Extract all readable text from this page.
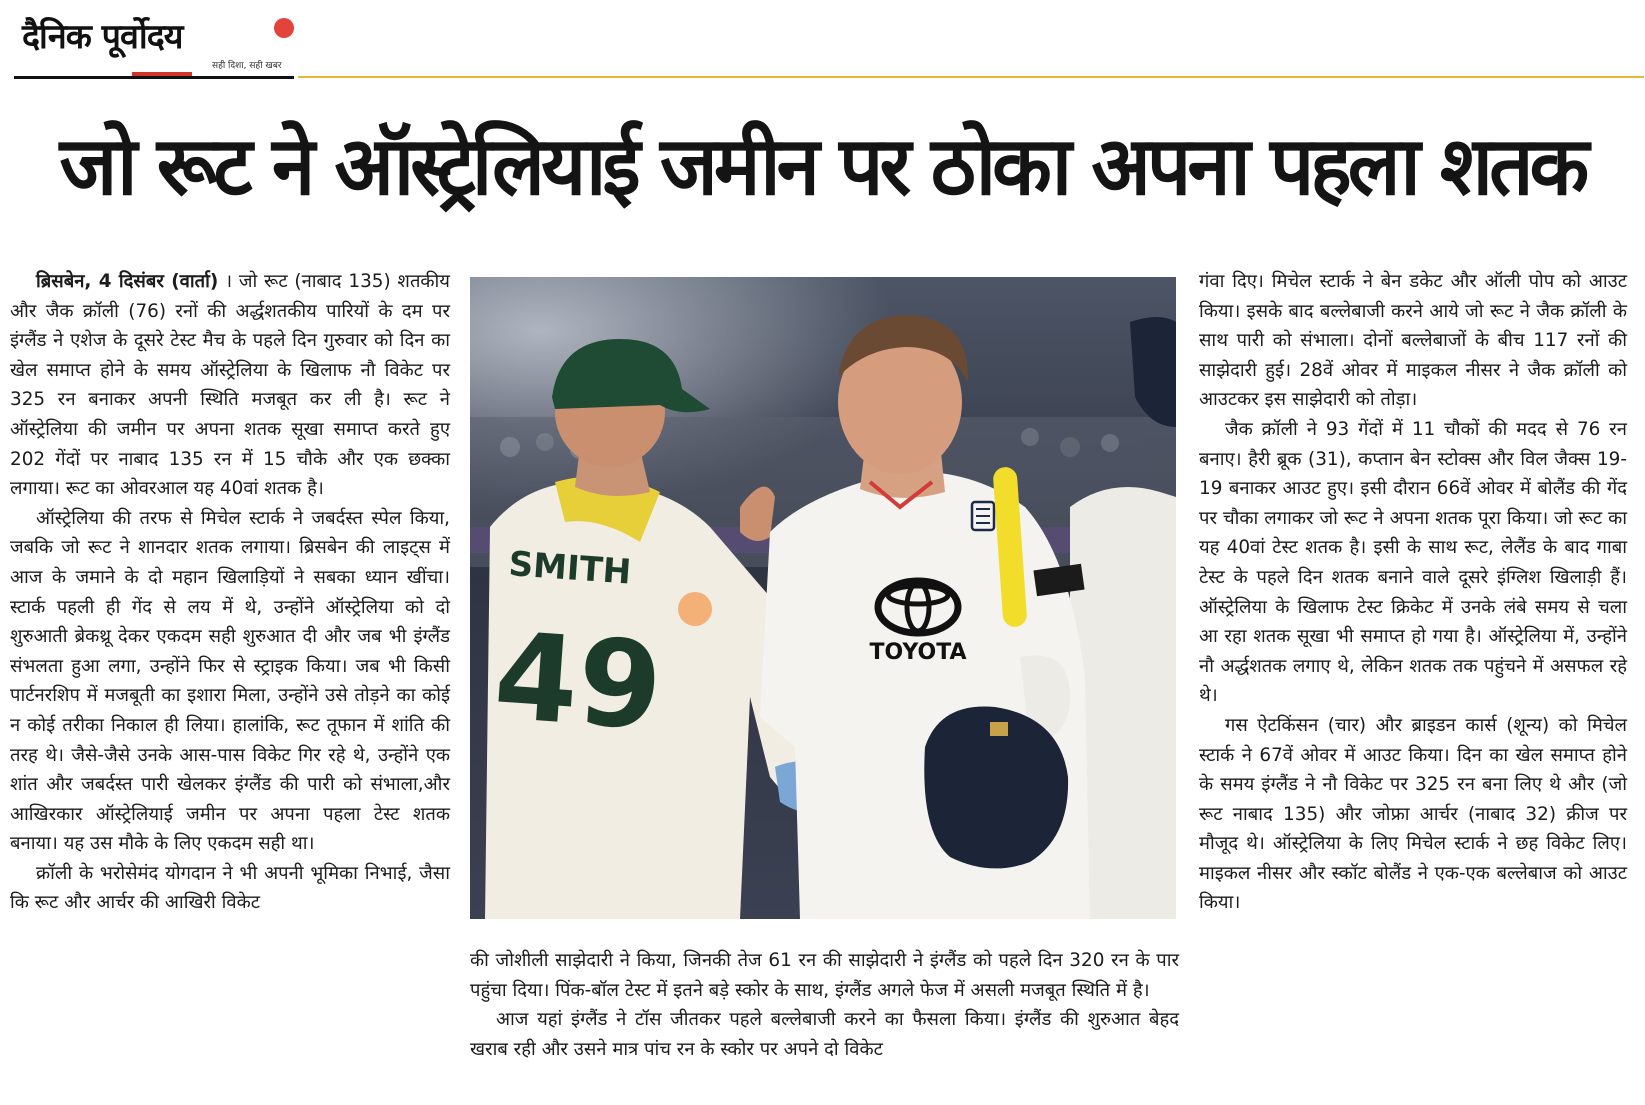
दैनिक पूर्वोदय
सही दिशा, सही खबर
जो रूट ने ऑस्ट्रेलियाई जमीन पर ठोका अपना पहला शतक

ब्रिसबेन, 4 दिसंबर (वार्ता) । जो रूट (नाबाद 135) शतकीय और जैक क्रॉली (76) रनों की अर्द्धशतकीय पारियों के दम पर इंग्लैंड ने एशेज के दूसरे टेस्ट मैच के पहले दिन गुरुवार को दिन का खेल समाप्त होने के समय ऑस्ट्रेलिया के खिलाफ नौ विकेट पर 325 रन बनाकर अपनी स्थिति मजबूत कर ली है। रूट ने ऑस्ट्रेलिया की जमीन पर अपना शतक सूखा समाप्त करते हुए 202 गेंदों पर नाबाद 135 रन में 15 चौके और एक छक्का लगाया। रूट का ओवरआल यह 40वां शतक है।

ऑस्ट्रेलिया की तरफ से मिचेल स्टार्क ने जबर्दस्त स्पेल किया, जबकि जो रूट ने शानदार शतक लगाया। ब्रिसबेन की लाइट्स में आज के जमाने के दो महान खिलाड़ियों ने सबका ध्यान खींचा। स्टार्क पहली ही गेंद से लय में थे, उन्होंने ऑस्ट्रेलिया को दो शुरुआती ब्रेकथ्रू देकर एकदम सही शुरुआत दी और जब भी इंग्लैंड संभलता हुआ लगा, उन्होंने फिर से स्ट्राइक किया। जब भी किसी पार्टनरशिप में मजबूती का इशारा मिला, उन्होंने उसे तोड़ने का कोई न कोई तरीका निकाल ही लिया। हालांकि, रूट तूफान में शांति की तरह थे। जैसे-जैसे उनके आस-पास विकेट गिर रहे थे, उन्होंने एक शांत और जबर्दस्त पारी खेलकर इंग्लैंड की पारी को संभाला,और आखिरकार ऑस्ट्रेलियाई जमीन पर अपना पहला टेस्ट शतक बनाया। यह उस मौके के लिए एकदम सही था।

क्रॉली के भरोसेमंद योगदान ने भी अपनी भूमिका निभाई, जैसा कि रूट और आर्चर की आखिरी विकेट

SMITH
49	TOYOTA

की जोशीली साझेदारी ने किया, जिनकी तेज 61 रन की साझेदारी ने इंग्लैंड को पहले दिन 320 रन के पार पहुंचा दिया। पिंक-बॉल टेस्ट में इतने बड़े स्कोर के साथ, इंग्लैंड अगले फेज में असली मजबूत स्थिति में है।

आज यहां इंग्लैंड ने टॉस जीतकर पहले बल्लेबाजी करने का फैसला किया। इंग्लैंड की शुरुआत बेहद खराब रही और उसने मात्र पांच रन के स्कोर पर अपने दो विकेट

गंवा दिए। मिचेल स्टार्क ने बेन डकेट और ऑली पोप को आउट किया। इसके बाद बल्लेबाजी करने आये जो रूट ने जैक क्रॉली के साथ पारी को संभाला। दोनों बल्लेबाजों के बीच 117 रनों की साझेदारी हुई। 28वें ओवर में माइकल नीसर ने जैक क्रॉली को आउटकर इस साझेदारी को तोड़ा।

जैक क्रॉली ने 93 गेंदों में 11 चौकों की मदद से 76 रन बनाए। हैरी ब्रूक (31), कप्तान बेन स्टोक्स और विल जैक्स 19-19 बनाकर आउट हुए। इसी दौरान 66वें ओवर में बोलैंड की गेंद पर चौका लगाकर जो रूट ने अपना शतक पूरा किया। जो रूट का यह 40वां टेस्ट शतक है। इसी के साथ रूट, लेलैंड के बाद गाबा टेस्ट के पहले दिन शतक बनाने वाले दूसरे इंग्लिश खिलाड़ी हैं। ऑस्ट्रेलिया के खिलाफ टेस्ट क्रिकेट में उनके लंबे समय से चला आ रहा शतक सूखा भी समाप्त हो गया है। ऑस्ट्रेलिया में, उन्होंने नौ अर्द्धशतक लगाए थे, लेकिन शतक तक पहुंचने में असफल रहे थे।

गस ऐटकिंसन (चार) और ब्राइडन कार्स (शून्य) को मिचेल स्टार्क ने 67वें ओवर में आउट किया। दिन का खेल समाप्त होने के समय इंग्लैंड ने नौ विकेट पर 325 रन बना लिए थे और (जो रूट नाबाद 135) और जोफ्रा आर्चर (नाबाद 32) क्रीज पर मौजूद थे। ऑस्ट्रेलिया के लिए मिचेल स्टार्क ने छह विकेट लिए। माइकल नीसर और स्कॉट बोलैंड ने एक-एक बल्लेबाज को आउट किया।
